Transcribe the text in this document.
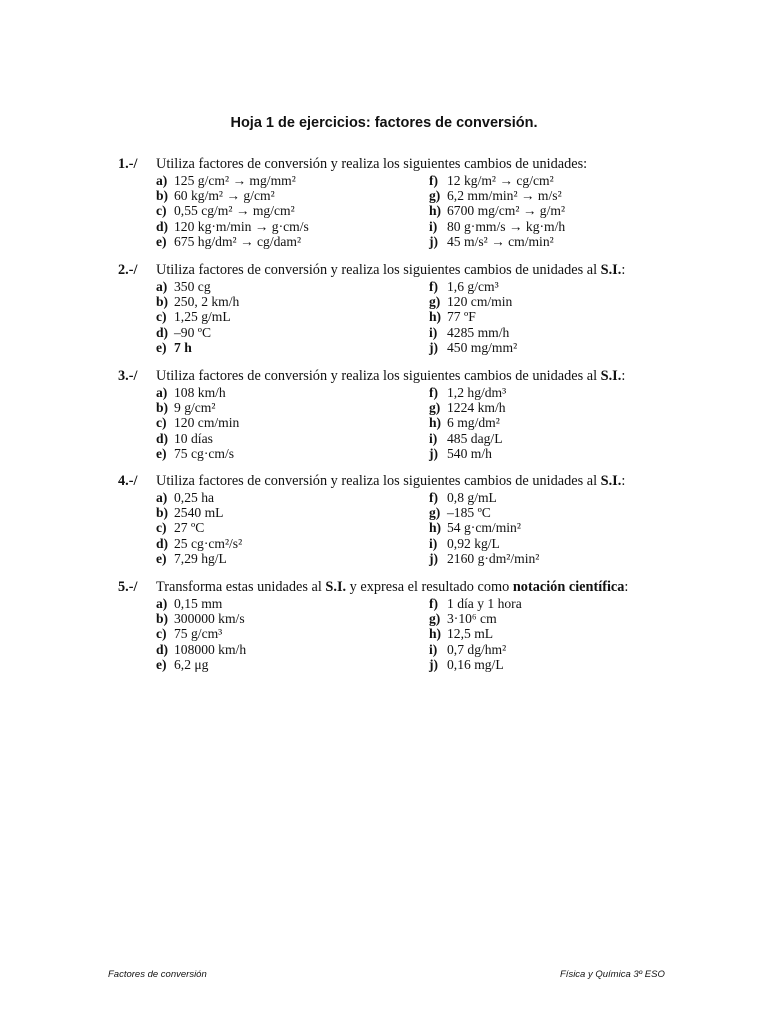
Hoja 1 de ejercicios: factores de conversión.
1.-/ Utiliza factores de conversión y realiza los siguientes cambios de unidades:
a) 125 g/cm² → mg/mm²	f) 12 kg/m² → cg/cm²
b) 60 kg/m² → g/cm²	g) 6,2 mm/min² → m/s²
c) 0,55 cg/m² → mg/cm²	h) 6700 mg/cm² → g/m²
d) 120 kg·m/min → g·cm/s	i) 80 g·mm/s → kg·m/h
e) 675 hg/dm² → cg/dam²	j) 45 m/s² → cm/min²
2.-/ Utiliza factores de conversión y realiza los siguientes cambios de unidades al S.I.:
a) 350 cg	f) 1,6 g/cm³
b) 250, 2 km/h	g) 120 cm/min
c) 1,25 g/mL	h) 77 ºF
d) –90 ºC	i) 4285 mm/h
e) 7 h	j) 450 mg/mm²
3.-/ Utiliza factores de conversión y realiza los siguientes cambios de unidades al S.I.:
a) 108 km/h	f) 1,2 hg/dm³
b) 9 g/cm²	g) 1224 km/h
c) 120 cm/min	h) 6 mg/dm²
d) 10 días	i) 485 dag/L
e) 75 cg·cm/s	j) 540 m/h
4.-/ Utiliza factores de conversión y realiza los siguientes cambios de unidades al S.I.:
a) 0,25 ha	f) 0,8 g/mL
b) 2540 mL	g) –185 ºC
c) 27 ºC	h) 54 g·cm/min²
d) 25 cg·cm²/s²	i) 0,92 kg/L
e) 7,29 hg/L	j) 2160 g·dm²/min²
5.-/ Transforma estas unidades al S.I. y expresa el resultado como notación científica:
a) 0,15 mm	f) 1 día y 1 hora
b) 300000 km/s	g) 3·10⁶ cm
c) 75 g/cm³	h) 12,5 mL
d) 108000 km/h	i) 0,7 dg/hm²
e) 6,2 μg	j) 0,16 mg/L
Factores de conversión	Física y Química 3º ESO
